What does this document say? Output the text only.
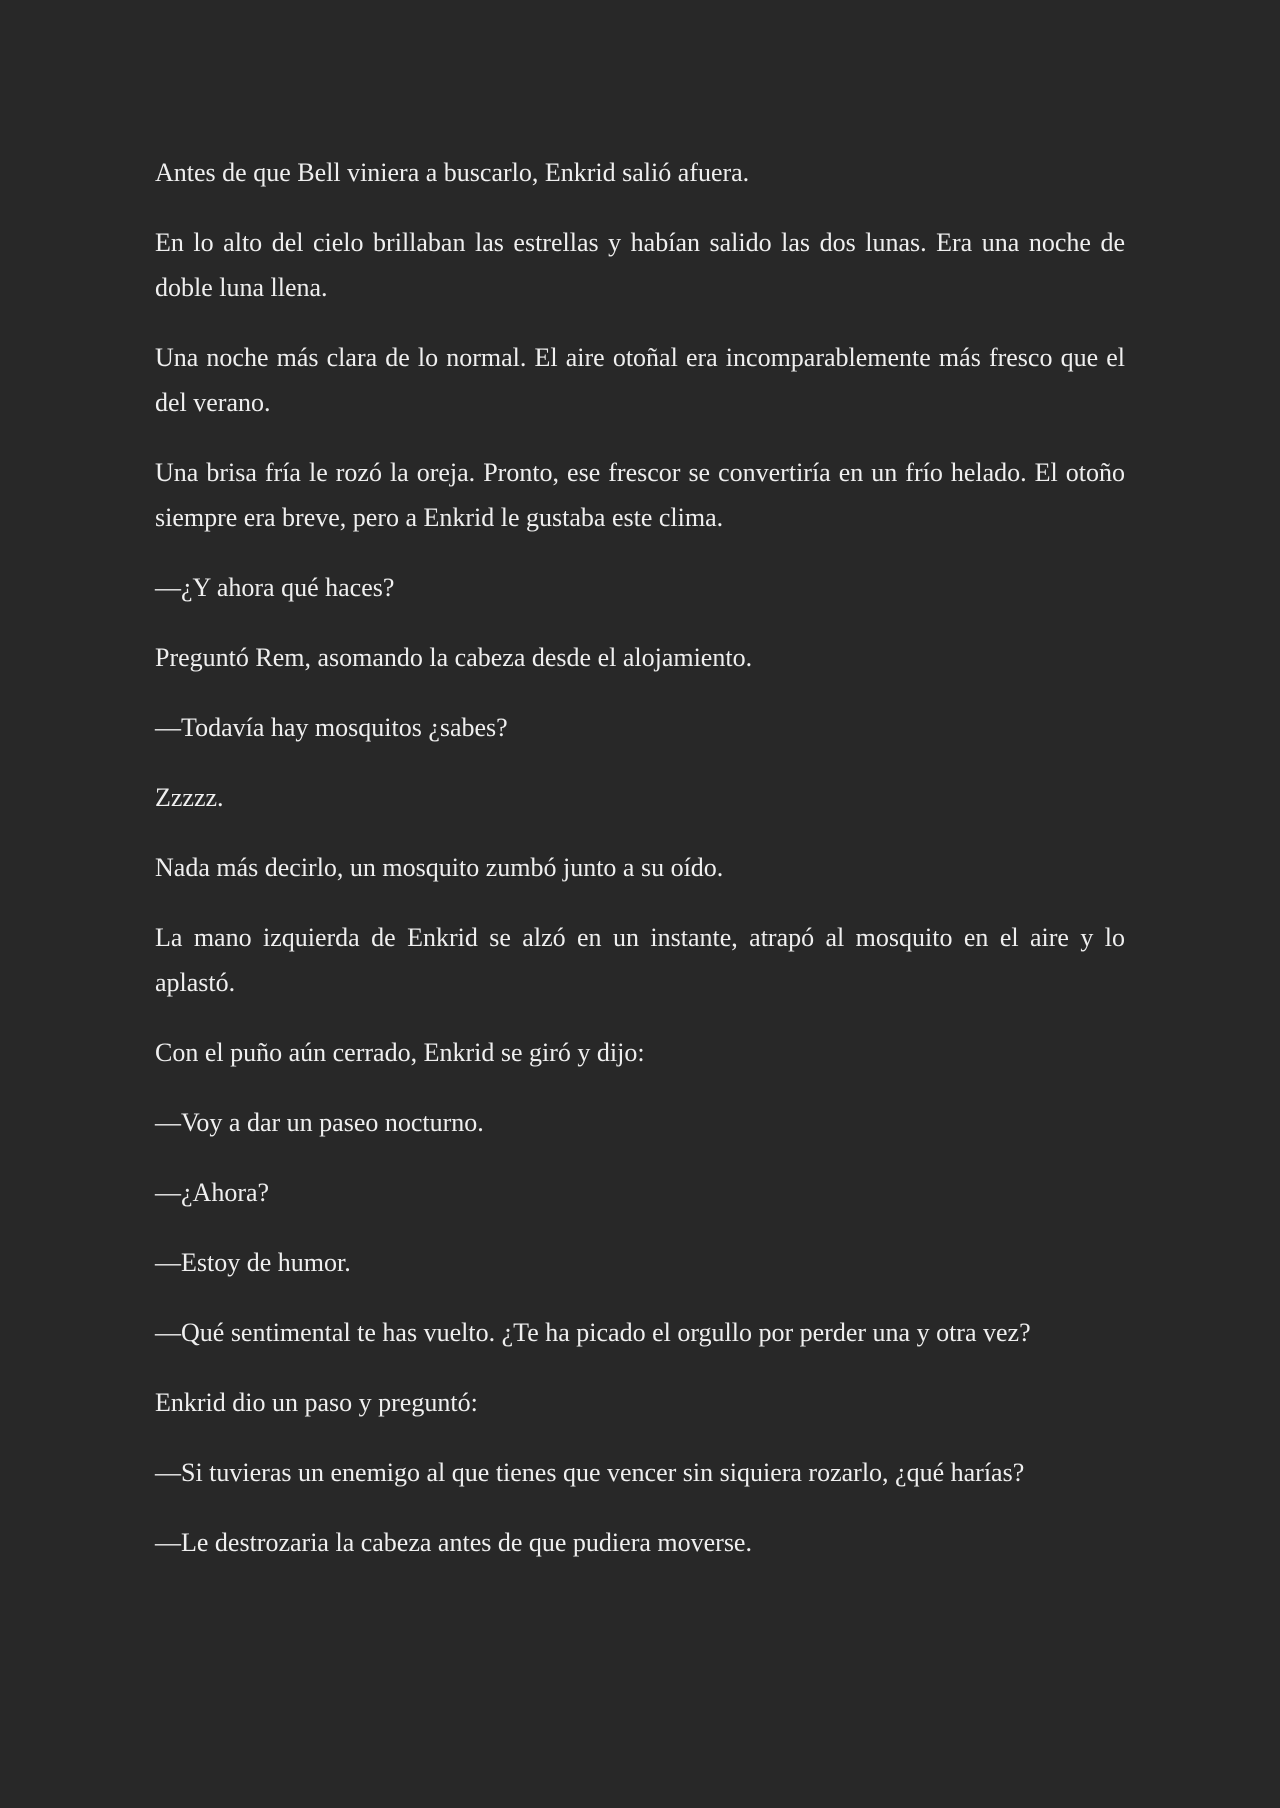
Antes de que Bell viniera a buscarlo, Enkrid salió afuera.

En lo alto del cielo brillaban las estrellas y habían salido las dos lunas. Era una noche de doble luna llena.

Una noche más clara de lo normal. El aire otoñal era incomparablemente más fresco que el del verano.

Una brisa fría le rozó la oreja. Pronto, ese frescor se convertiría en un frío helado. El otoño siempre era breve, pero a Enkrid le gustaba este clima.

—¿Y ahora qué haces?

Preguntó Rem, asomando la cabeza desde el alojamiento.

—Todavía hay mosquitos ¿sabes?

Zzzzz.

Nada más decirlo, un mosquito zumbó junto a su oído.

La mano izquierda de Enkrid se alzó en un instante, atrapó al mosquito en el aire y lo aplastó.

Con el puño aún cerrado, Enkrid se giró y dijo:

—Voy a dar un paseo nocturno.

—¿Ahora?

—Estoy de humor.

—Qué sentimental te has vuelto. ¿Te ha picado el orgullo por perder una y otra vez?

Enkrid dio un paso y preguntó:

—Si tuvieras un enemigo al que tienes que vencer sin siquiera rozarlo, ¿qué harías?

—Le destrozaria la cabeza antes de que pudiera moverse.
